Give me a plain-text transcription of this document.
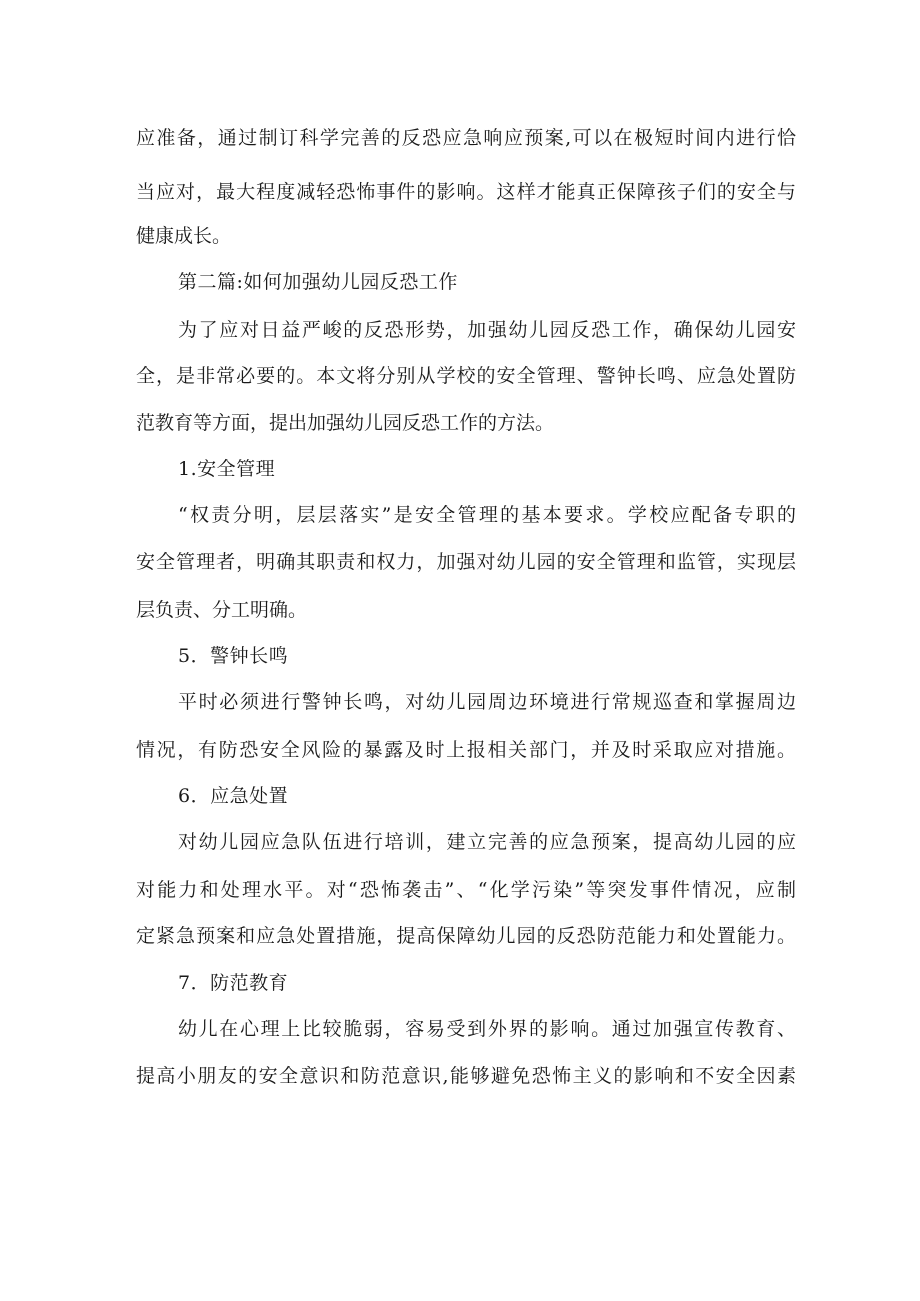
应准备，通过制订科学完善的反恐应急响应预案,可以在极短时间内进行恰
当应对，最大程度减轻恐怖事件的影响。这样才能真正保障孩子们的安全与
健康成长。
第二篇:如何加强幼儿园反恐工作
为了应对日益严峻的反恐形势，加强幼儿园反恐工作，确保幼儿园安
全，是非常必要的。本文将分别从学校的安全管理、警钟长鸣、应急处置防
范教育等方面，提出加强幼儿园反恐工作的方法。
1.安全管理
“权责分明，层层落实”是安全管理的基本要求。学校应配备专职的
安全管理者，明确其职责和权力，加强对幼儿园的安全管理和监管，实现层
层负责、分工明确。
5．警钟长鸣
平时必须进行警钟长鸣，对幼儿园周边环境进行常规巡查和掌握周边
情况，有防恐安全风险的暴露及时上报相关部门，并及时采取应对措施。
6．应急处置
对幼儿园应急队伍进行培训，建立完善的应急预案，提高幼儿园的应
对能力和处理水平。对“恐怖袭击”、“化学污染”等突发事件情况，应制
定紧急预案和应急处置措施，提高保障幼儿园的反恐防范能力和处置能力。
7．防范教育
幼儿在心理上比较脆弱，容易受到外界的影响。通过加强宣传教育、
提高小朋友的安全意识和防范意识,能够避免恐怖主义的影响和不安全因素
